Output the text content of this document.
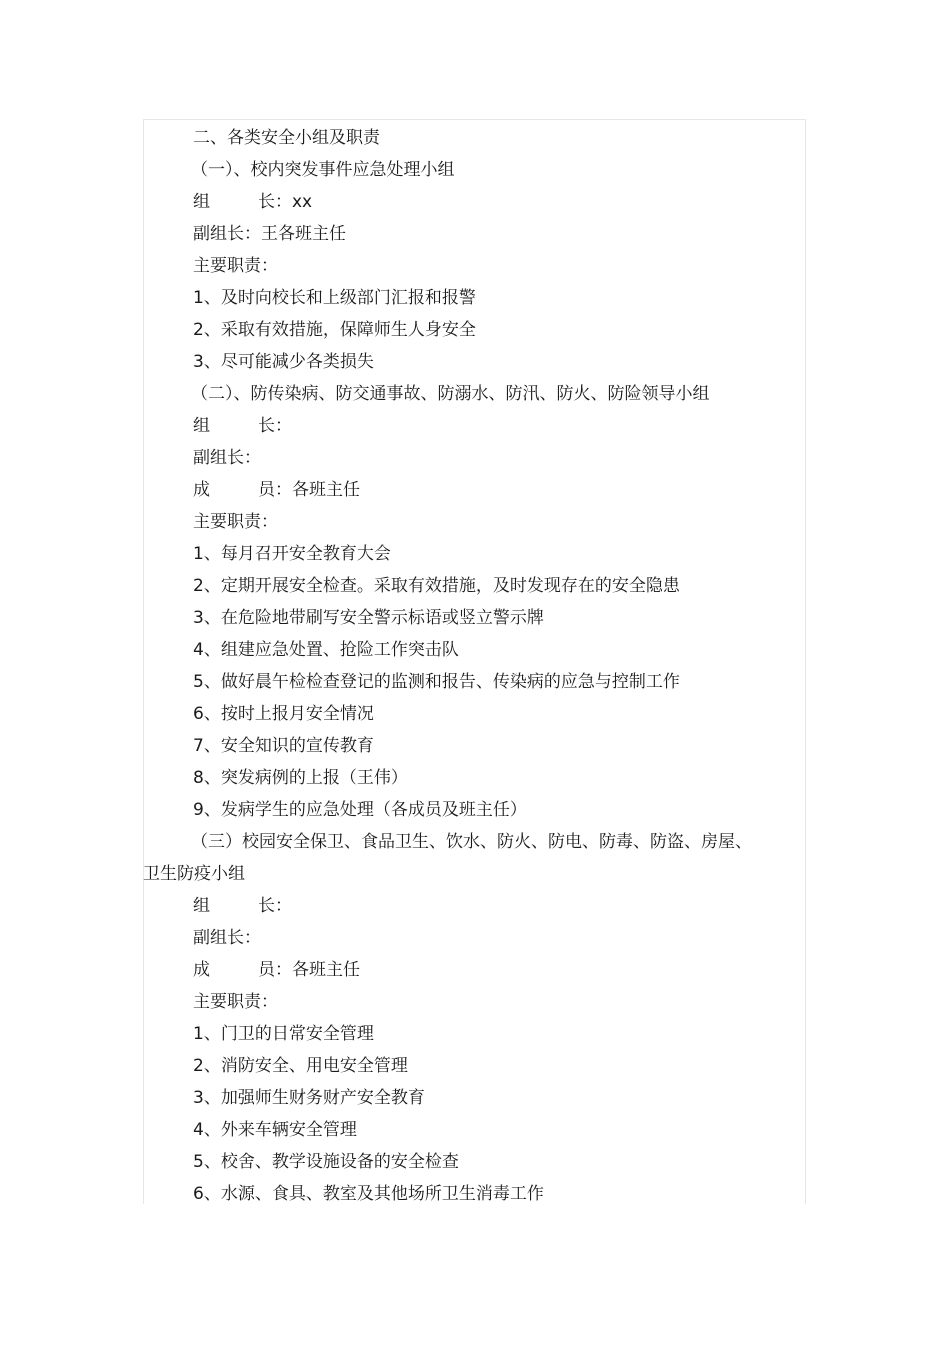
二、各类安全小组及职责
（一）、校内突发事件应急处理小组
组	长：xx
副组长：王各班主任
主要职责：
1、及时向校长和上级部门汇报和报警
2、采取有效措施，保障师生人身安全
3、尽可能减少各类损失
（二）、防传染病、防交通事故、防溺水、防汛、防火、防险领导小组
组	长：
副组长：
成	员：各班主任
主要职责：
1、每月召开安全教育大会
2、定期开展安全检查。采取有效措施，及时发现存在的安全隐患
3、在危险地带刷写安全警示标语或竖立警示牌
4、组建应急处置、抢险工作突击队
5、做好晨午检检查登记的监测和报告、传染病的应急与控制工作
6、按时上报月安全情况
7、安全知识的宣传教育
8、突发病例的上报（王伟）
9、发病学生的应急处理（各成员及班主任）
（三）校园安全保卫、食品卫生、饮水、防火、防电、防毒、防盗、房屋、
卫生防疫小组
组	长：
副组长：
成	员：各班主任
主要职责：
1、门卫的日常安全管理
2、消防安全、用电安全管理
3、加强师生财务财产安全教育
4、外来车辆安全管理
5、校舍、教学设施设备的安全检查
6、水源、食具、教室及其他场所卫生消毒工作
